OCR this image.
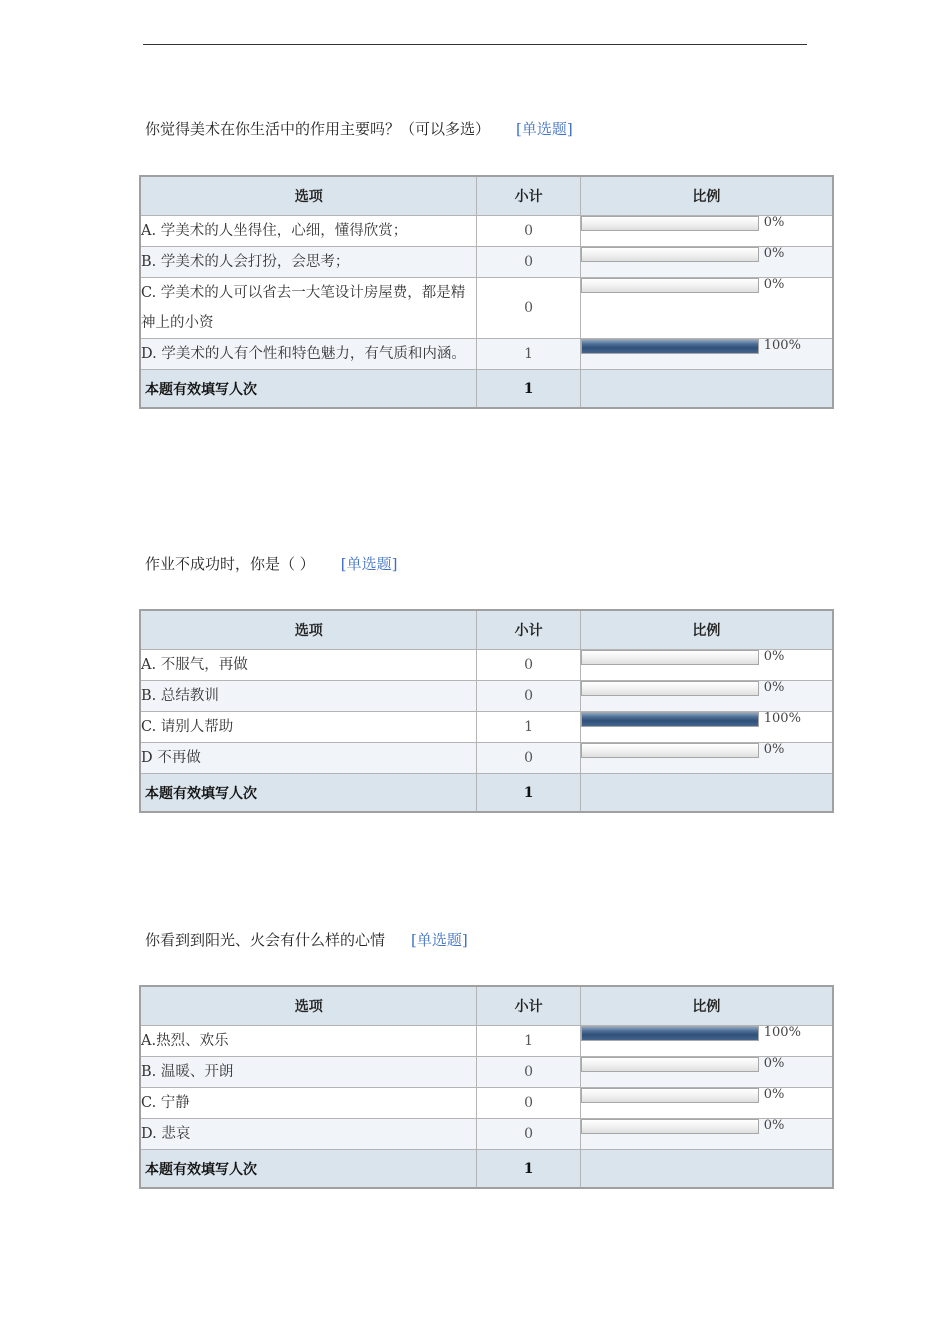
你觉得美术在你生活中的作用主要吗？（可以多选） [单选题]

选项	小计	比例
A. 学美术的人坐得住，心细，懂得欣赏；	0	0%

B. 学美术的人会打扮，会思考；	0	0%

C. 学美术的人可以省去一大笔设计房屋费，都是精神上的小资	0	0%

D. 学美术的人有个性和特色魅力，有气质和内涵。	1	100%

本题有效填写人次	1	

作业不成功时，你是（ ） [单选题]

选项	小计	比例
A. 不服气，再做	0	0%

B. 总结教训	0	0%

C. 请别人帮助	1	100%

D 不再做	0	0%

本题有效填写人次	1	

你看到到阳光、火会有什么样的心情 [单选题]

选项	小计	比例
A.热烈、欢乐	1	100%

B. 温暖、开朗	0	0%

C. 宁静	0	0%

D. 悲哀	0	0%

本题有效填写人次	1	
